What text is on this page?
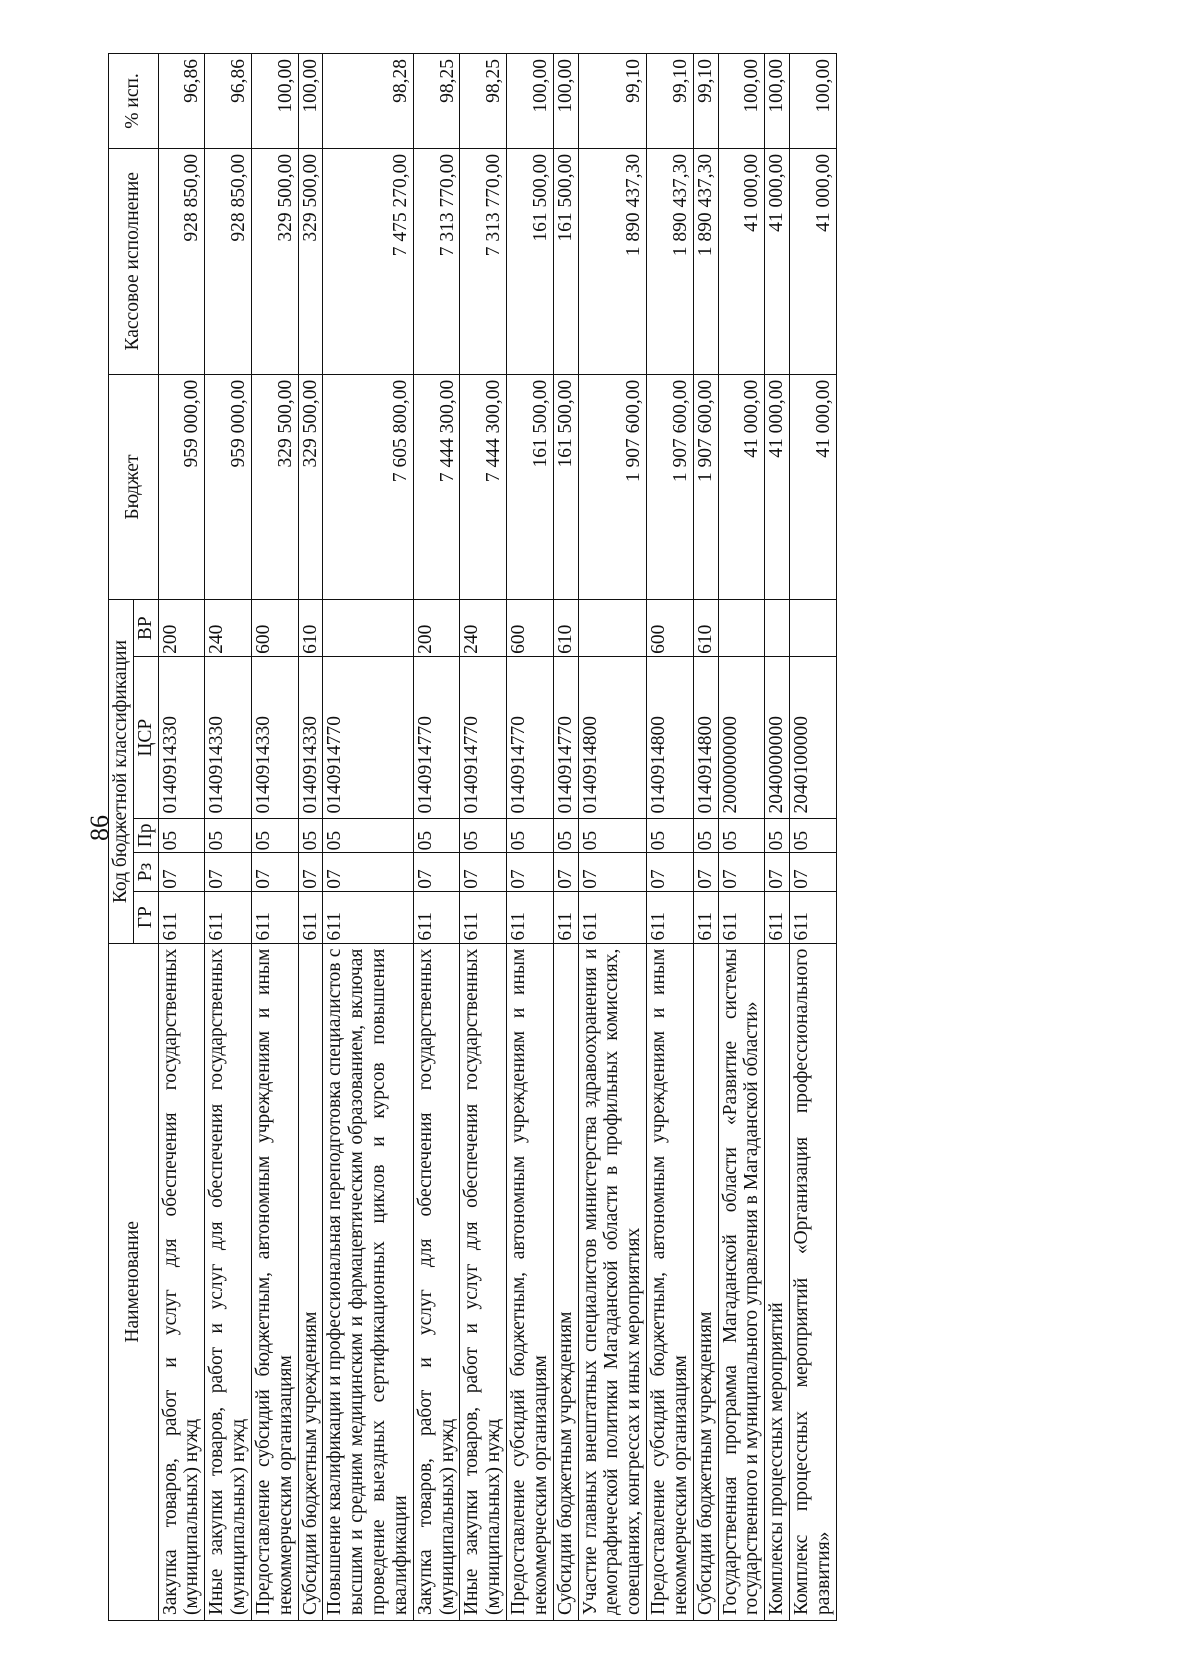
86
Наименование	Код бюджетной классификации					Бюджет	Кассовое исполнение	% исп.
	ГР	Рз	Пр	ЦСР	ВР			
Закупка товаров, работ и услуг для обеспечения государственных (муниципальных) нужд	611	07	05	0140914330	200	959 000,00	928 850,00	96,86
Иные закупки товаров, работ и услуг для обеспечения государственных (муниципальных) нужд	611	07	05	0140914330	240	959 000,00	928 850,00	96,86
Предоставление субсидий бюджетным, автономным учреждениям и иным некоммерческим организациям	611	07	05	0140914330	600	329 500,00	329 500,00	100,00
Субсидии бюджетным учреждениям	611	07	05	0140914330	610	329 500,00	329 500,00	100,00
Повышение квалификации и профессиональная переподготовка специалистов с высшим и средним медицинским и фармацевтическим образованием, включая проведение выездных сертификационных циклов и курсов повышения квалификации	611	07	05	0140914770		7 605 800,00	7 475 270,00	98,28
Закупка товаров, работ и услуг для обеспечения государственных (муниципальных) нужд	611	07	05	0140914770	200	7 444 300,00	7 313 770,00	98,25
Иные закупки товаров, работ и услуг для обеспечения государственных (муниципальных) нужд	611	07	05	0140914770	240	7 444 300,00	7 313 770,00	98,25
Предоставление субсидий бюджетным, автономным учреждениям и иным некоммерческим организациям	611	07	05	0140914770	600	161 500,00	161 500,00	100,00
Субсидии бюджетным учреждениям	611	07	05	0140914770	610	161 500,00	161 500,00	100,00
Участие главных внештатных специалистов министерства здравоохранения и демографической политики Магаданской области в профильных комиссиях, совещаниях, конгрессах и иных мероприятиях	611	07	05	0140914800		1 907 600,00	1 890 437,30	99,10
Предоставление субсидий бюджетным, автономным учреждениям и иным некоммерческим организациям	611	07	05	0140914800	600	1 907 600,00	1 890 437,30	99,10
Субсидии бюджетным учреждениям	611	07	05	0140914800	610	1 907 600,00	1 890 437,30	99,10
Государственная программа Магаданской области «Развитие системы государственного и муниципального управления в Магаданской области»	611	07	05	2000000000		41 000,00	41 000,00	100,00
Комплексы процессных мероприятий	611	07	05	2040000000		41 000,00	41 000,00	100,00
Комплекс процессных мероприятий «Организация профессионального развития»	611	07	05	2040100000		41 000,00	41 000,00	100,00
